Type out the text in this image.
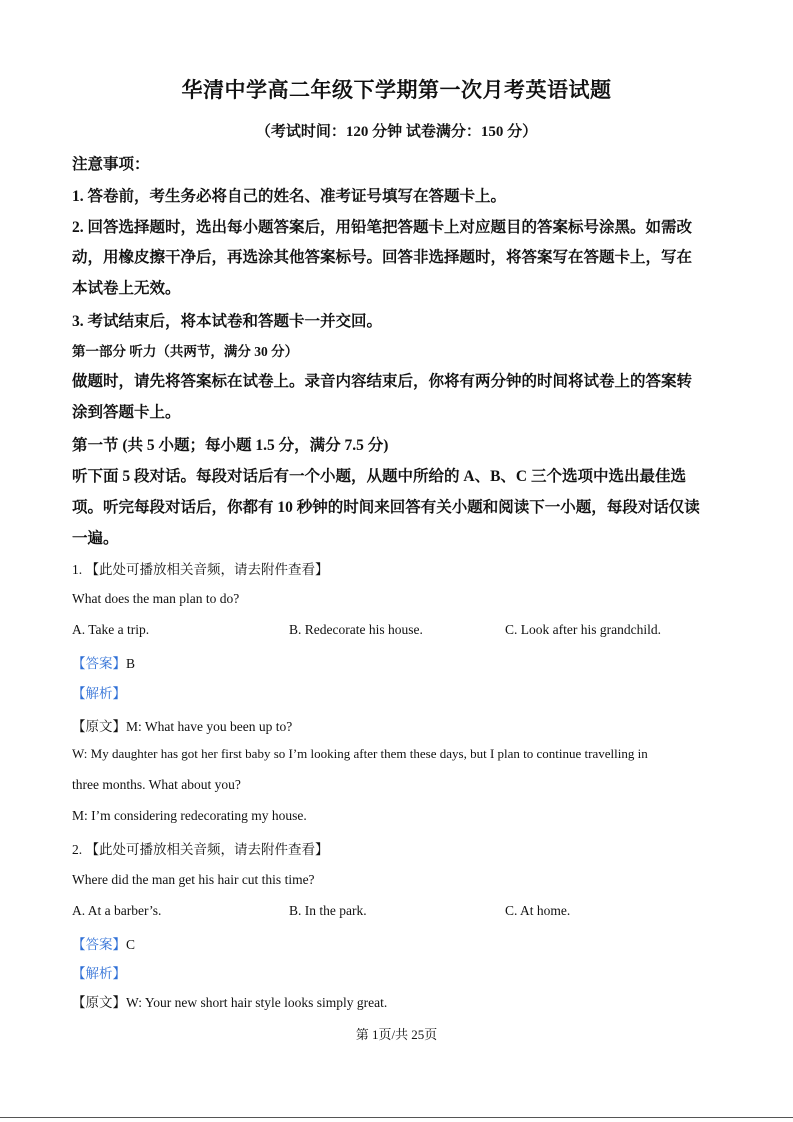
华清中学高二年级下学期第一次月考英语试题
（考试时间：120 分钟 试卷满分：150 分）
注意事项：
1. 答卷前，考生务必将自己的姓名、准考证号填写在答题卡上。
2. 回答选择题时，选出每小题答案后，用铅笔把答题卡上对应题目的答案标号涂黑。如需改
动，用橡皮擦干净后，再选涂其他答案标号。回答非选择题时，将答案写在答题卡上，写在
本试卷上无效。
3. 考试结束后，将本试卷和答题卡一并交回。
第一部分 听力（共两节，满分 30 分）
做题时，请先将答案标在试卷上。录音内容结束后，你将有两分钟的时间将试卷上的答案转
涂到答题卡上。
第一节 (共 5 小题；每小题 1.5 分，满分 7.5 分)
听下面 5 段对话。每段对话后有一个小题，从题中所给的 A、B、C 三个选项中选出最佳选
项。听完每段对话后，你都有 10 秒钟的时间来回答有关小题和阅读下一小题，每段对话仅读
一遍。
1. 【此处可播放相关音频，请去附件查看】
What does the man plan to do?
A. Take a trip.	B. Redecorate his house.	C. Look after his grandchild.
【答案】B
【解析】
【原文】M: What have you been up to?
W: My daughter has got her first baby so I’m looking after them these days, but I plan to continue travelling in
three months. What about you?
M: I’m considering redecorating my house.
2. 【此处可播放相关音频，请去附件查看】
Where did the man get his hair cut this time?
A. At a barber’s.	B. In the park.	C. At home.
【答案】C
【解析】
【原文】W: Your new short hair style looks simply great.
第 1页/共 25页
